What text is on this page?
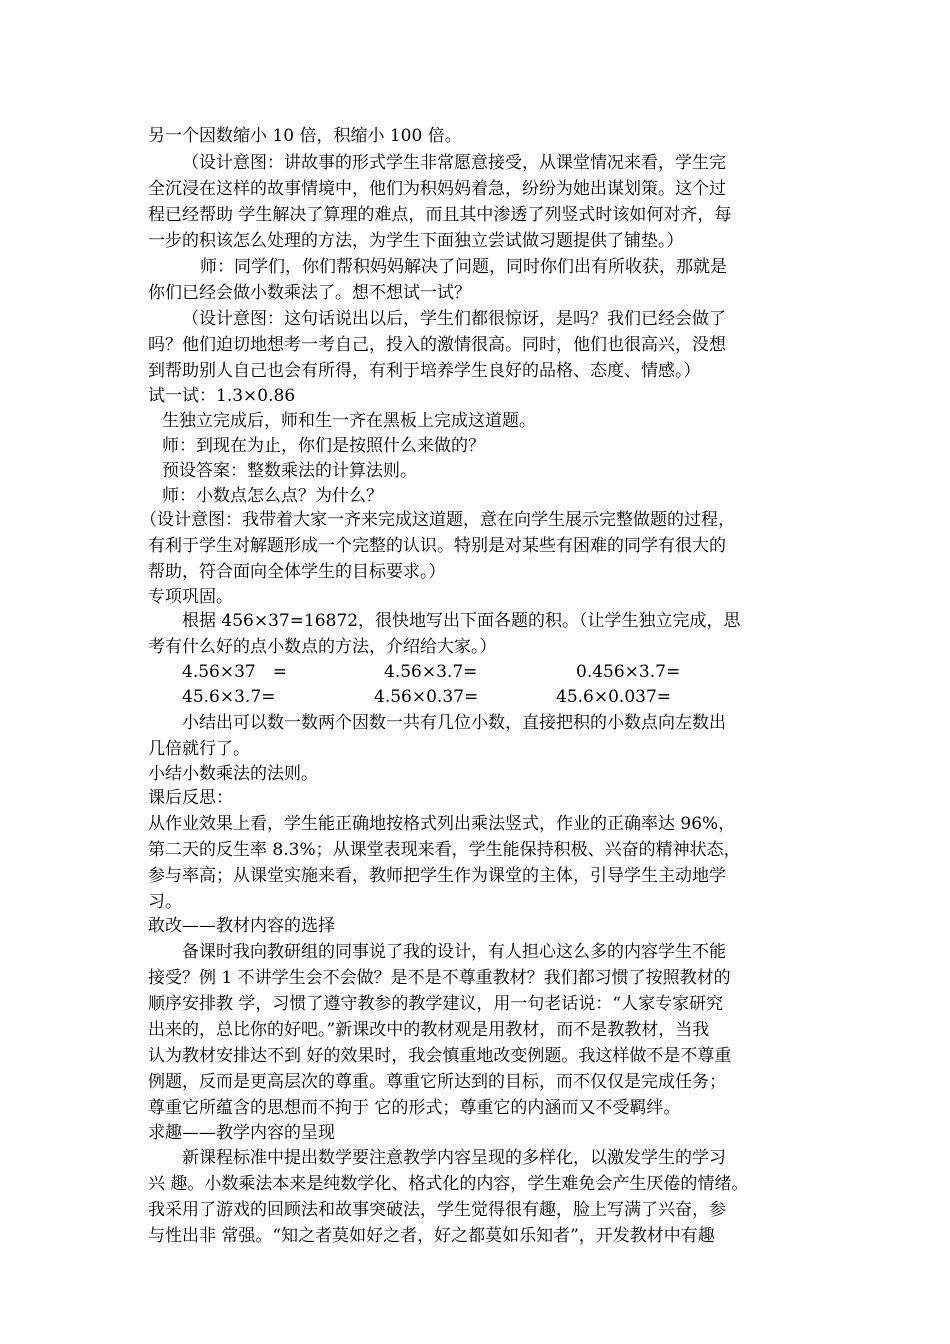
另一个因数缩小 10 倍，积缩小 100 倍。
（设计意图：讲故事的形式学生非常愿意接受，从课堂情况来看，学生完
全沉浸在这样的故事情境中，他们为积妈妈着急，纷纷为她出谋划策。这个过
程已经帮助 学生解决了算理的难点，而且其中渗透了列竖式时该如何对齐，每
一步的积该怎么处理的方法，为学生下面独立尝试做习题提供了铺垫。）
师：同学们，你们帮积妈妈解决了问题，同时你们出有所收获，那就是
你们已经会做小数乘法了。想不想试一试？
（设计意图：这句话说出以后，学生们都很惊讶，是吗？我们已经会做了
吗？他们迫切地想考一考自己，投入的激情很高。同时，他们也很高兴，没想
到帮助别人自己也会有所得，有利于培养学生良好的品格、态度、情感。）
试一试：1.3×0.86
生独立完成后，师和生一齐在黑板上完成这道题。
师：到现在为止，你们是按照什么来做的？
预设答案：整数乘法的计算法则。
师：小数点怎么点？为什么？
（设计意图：我带着大家一齐来完成这道题，意在向学生展示完整做题的过程，
有利于学生对解题形成一个完整的认识。特别是对某些有困难的同学有很大的
帮助，符合面向全体学生的目标要求。）
专项巩固。
根据 456×37=16872，很快地写出下面各题的积。（让学生独立完成，思
考有什么好的点小数点的方法，介绍给大家。）
4.56×37　=	4.56×3.7=	0.456×3.7=
45.6×3.7=	4.56×0.37=	45.6×0.037=
小结出可以数一数两个因数一共有几位小数，直接把积的小数点向左数出
几倍就行了。
小结小数乘法的法则。
课后反思：
从作业效果上看，学生能正确地按格式列出乘法竖式，作业的正确率达 96%，
第二天的反生率 8.3%；从课堂表现来看，学生能保持积极、兴奋的精神状态，
参与率高；从课堂实施来看，教师把学生作为课堂的主体，引导学生主动地学
习。
敢改——教材内容的选择
备课时我向教研组的同事说了我的设计，有人担心这么多的内容学生不能
接受？例 1 不讲学生会不会做？是不是不尊重教材？我们都习惯了按照教材的
顺序安排教 学，习惯了遵守教参的教学建议，用一句老话说：“人家专家研究
出来的，总比你的好吧。”新课改中的教材观是用教材，而不是教教材，当我
认为教材安排达不到 好的效果时，我会慎重地改变例题。我这样做不是不尊重
例题，反而是更高层次的尊重。尊重它所达到的目标，而不仅仅是完成任务；
尊重它所蕴含的思想而不拘于 它的形式；尊重它的内涵而又不受羁绊。
求趣——教学内容的呈现
新课程标准中提出数学要注意教学内容呈现的多样化，以激发学生的学习
兴 趣。小数乘法本来是纯数学化、格式化的内容，学生难免会产生厌倦的情绪。
我采用了游戏的回顾法和故事突破法，学生觉得很有趣，脸上写满了兴奋，参
与性出非 常强。“知之者莫如好之者，好之都莫如乐知者”，开发教材中有趣
